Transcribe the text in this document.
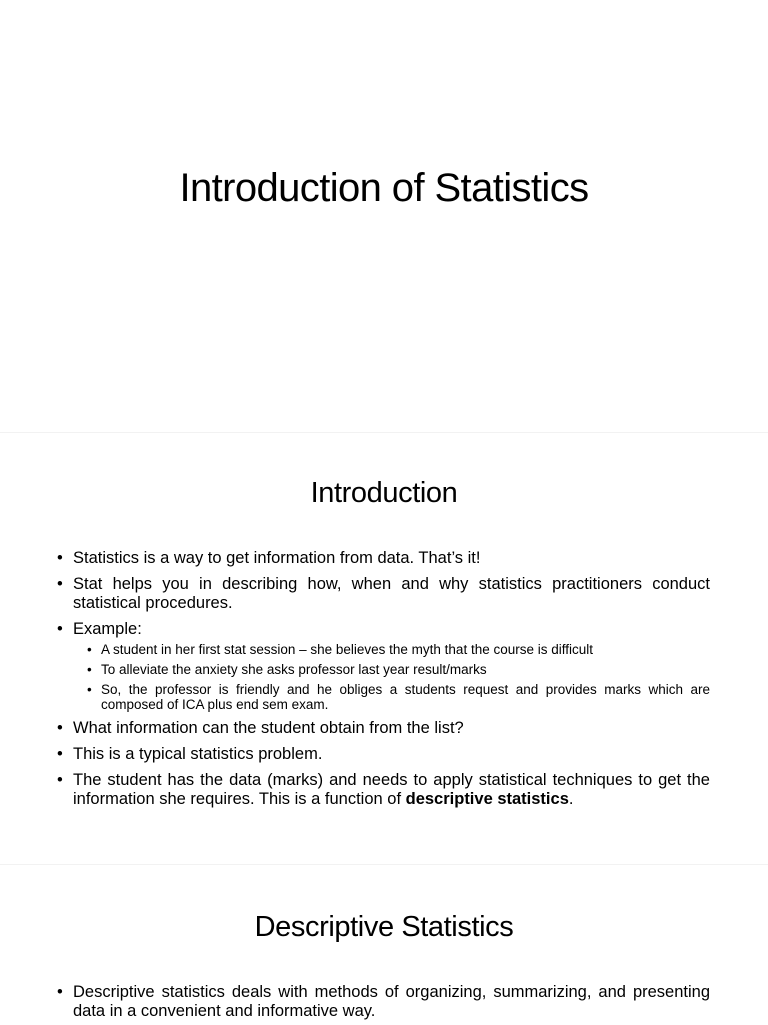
Introduction of Statistics
Introduction
• Statistics is a way to get information from data. That’s it!
• Stat helps you in describing how, when and why statistics practitioners conduct statistical procedures.
• Example:
• A student in her first stat session – she believes the myth that the course is difficult
• To alleviate the anxiety she asks professor last year result/marks
• So, the professor is friendly and he obliges a students request and provides marks which are composed of ICA plus end sem exam.
• What information can the student obtain from the list?
• This is a typical statistics problem.
• The student has the data (marks) and needs to apply statistical techniques to get the information she requires. This is a function of descriptive statistics.
Descriptive Statistics
• Descriptive statistics deals with methods of organizing, summarizing, and presenting data in a convenient and informative way.
